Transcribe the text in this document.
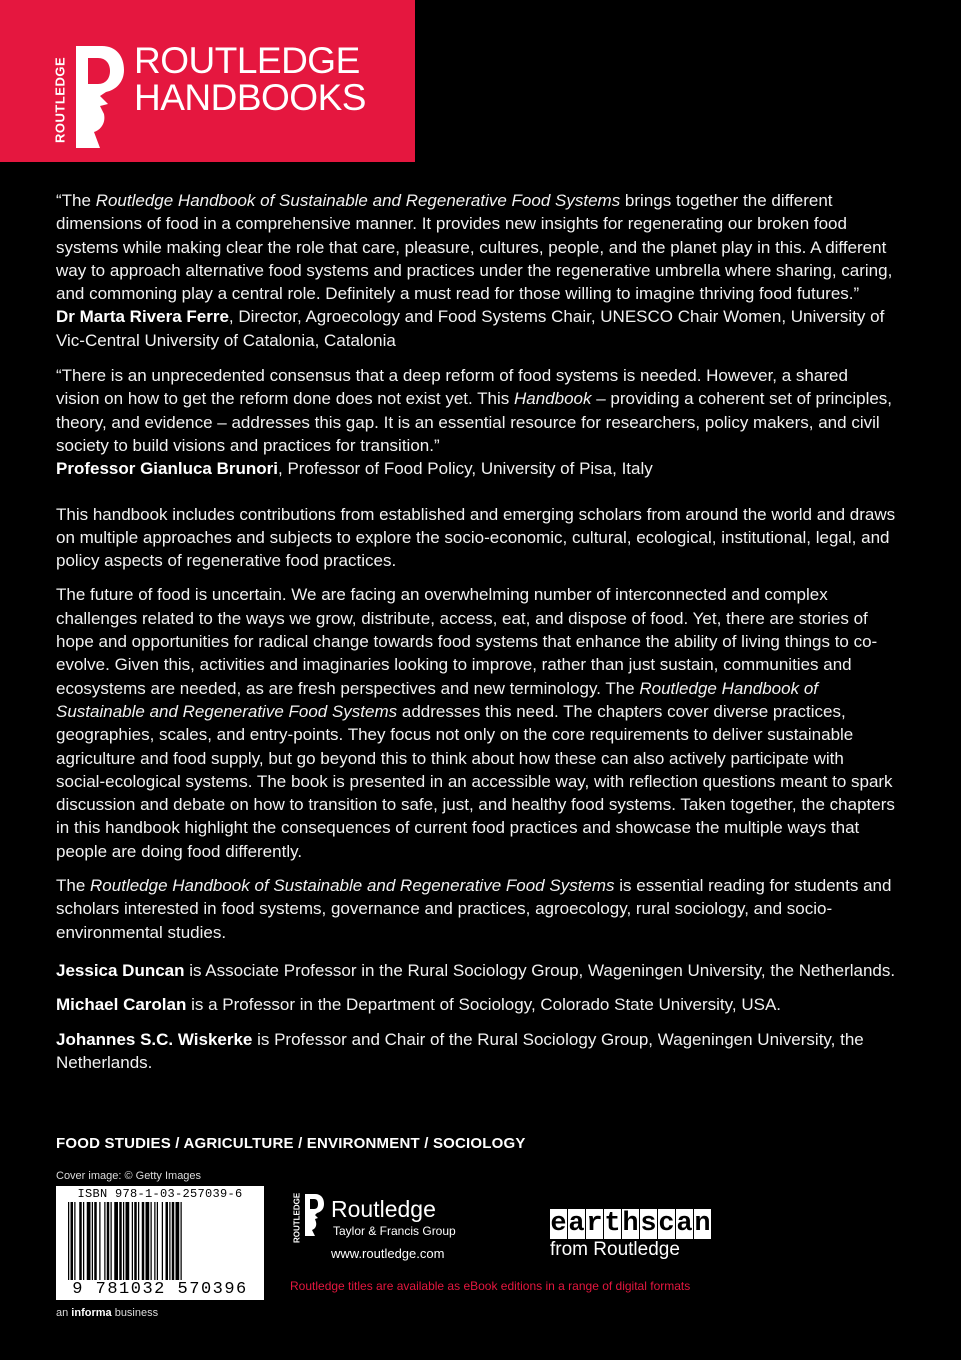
ROUTLEDGE ROUTLEDGE
HANDBOOKS

“The Routledge Handbook of Sustainable and Regenerative Food Systems brings together the different dimensions of food in a comprehensive manner. It provides new insights for regenerating our broken food systems while making clear the role that care, pleasure, cultures, people, and the planet play in this. A different way to approach alternative food systems and practices under the regenerative umbrella where sharing, caring, and commoning play a central role. Definitely a must read for those willing to imagine thriving food futures.”
Dr Marta Rivera Ferre, Director, Agroecology and Food Systems Chair, UNESCO Chair Women, University of Vic-Central University of Catalonia, Catalonia

“There is an unprecedented consensus that a deep reform of food systems is needed. However, a shared vision on how to get the reform done does not exist yet. This Handbook – providing a coherent set of principles, theory, and evidence – addresses this gap. It is an essential resource for researchers, policy makers, and civil society to build visions and practices for transition.”
Professor Gianluca Brunori, Professor of Food Policy, University of Pisa, Italy

This handbook includes contributions from established and emerging scholars from around the world and draws on multiple approaches and subjects to explore the socio-economic, cultural, ecological, institutional, legal, and policy aspects of regenerative food practices.

The future of food is uncertain. We are facing an overwhelming number of interconnected and complex challenges related to the ways we grow, distribute, access, eat, and dispose of food. Yet, there are stories of hope and opportunities for radical change towards food systems that enhance the ability of living things to co-evolve. Given this, activities and imaginaries looking to improve, rather than just sustain, communities and ecosystems are needed, as are fresh perspectives and new terminology. The Routledge Handbook of Sustainable and Regenerative Food Systems addresses this need. The chapters cover diverse practices, geographies, scales, and entry-points. They focus not only on the core requirements to deliver sustainable agriculture and food supply, but go beyond this to think about how these can also actively participate with social-ecological systems. The book is presented in an accessible way, with reflection questions meant to spark discussion and debate on how to transition to safe, just, and healthy food systems. Taken together, the chapters in this handbook highlight the consequences of current food practices and showcase the multiple ways that people are doing food differently.

The Routledge Handbook of Sustainable and Regenerative Food Systems is essential reading for students and scholars interested in food systems, governance and practices, agroecology, rural sociology, and socio-environmental studies.

Jessica Duncan is Associate Professor in the Rural Sociology Group, Wageningen University, the Netherlands.

Michael Carolan is a Professor in the Department of Sociology, Colorado State University, USA.

Johannes S.C. Wiskerke is Professor and Chair of the Rural Sociology Group, Wageningen University, the Netherlands.

FOOD STUDIES / AGRICULTURE / ENVIRONMENT / SOCIOLOGY
Cover image: © Getty Images
ISBN 978-1-03-257039-6
9 781032 570396
an informa business
ROUTLEDGE Routledge
Taylor & Francis Group
www.routledge.com
e a r t h s c a n
from Routledge
Routledge titles are available as eBook editions in a range of digital formats
